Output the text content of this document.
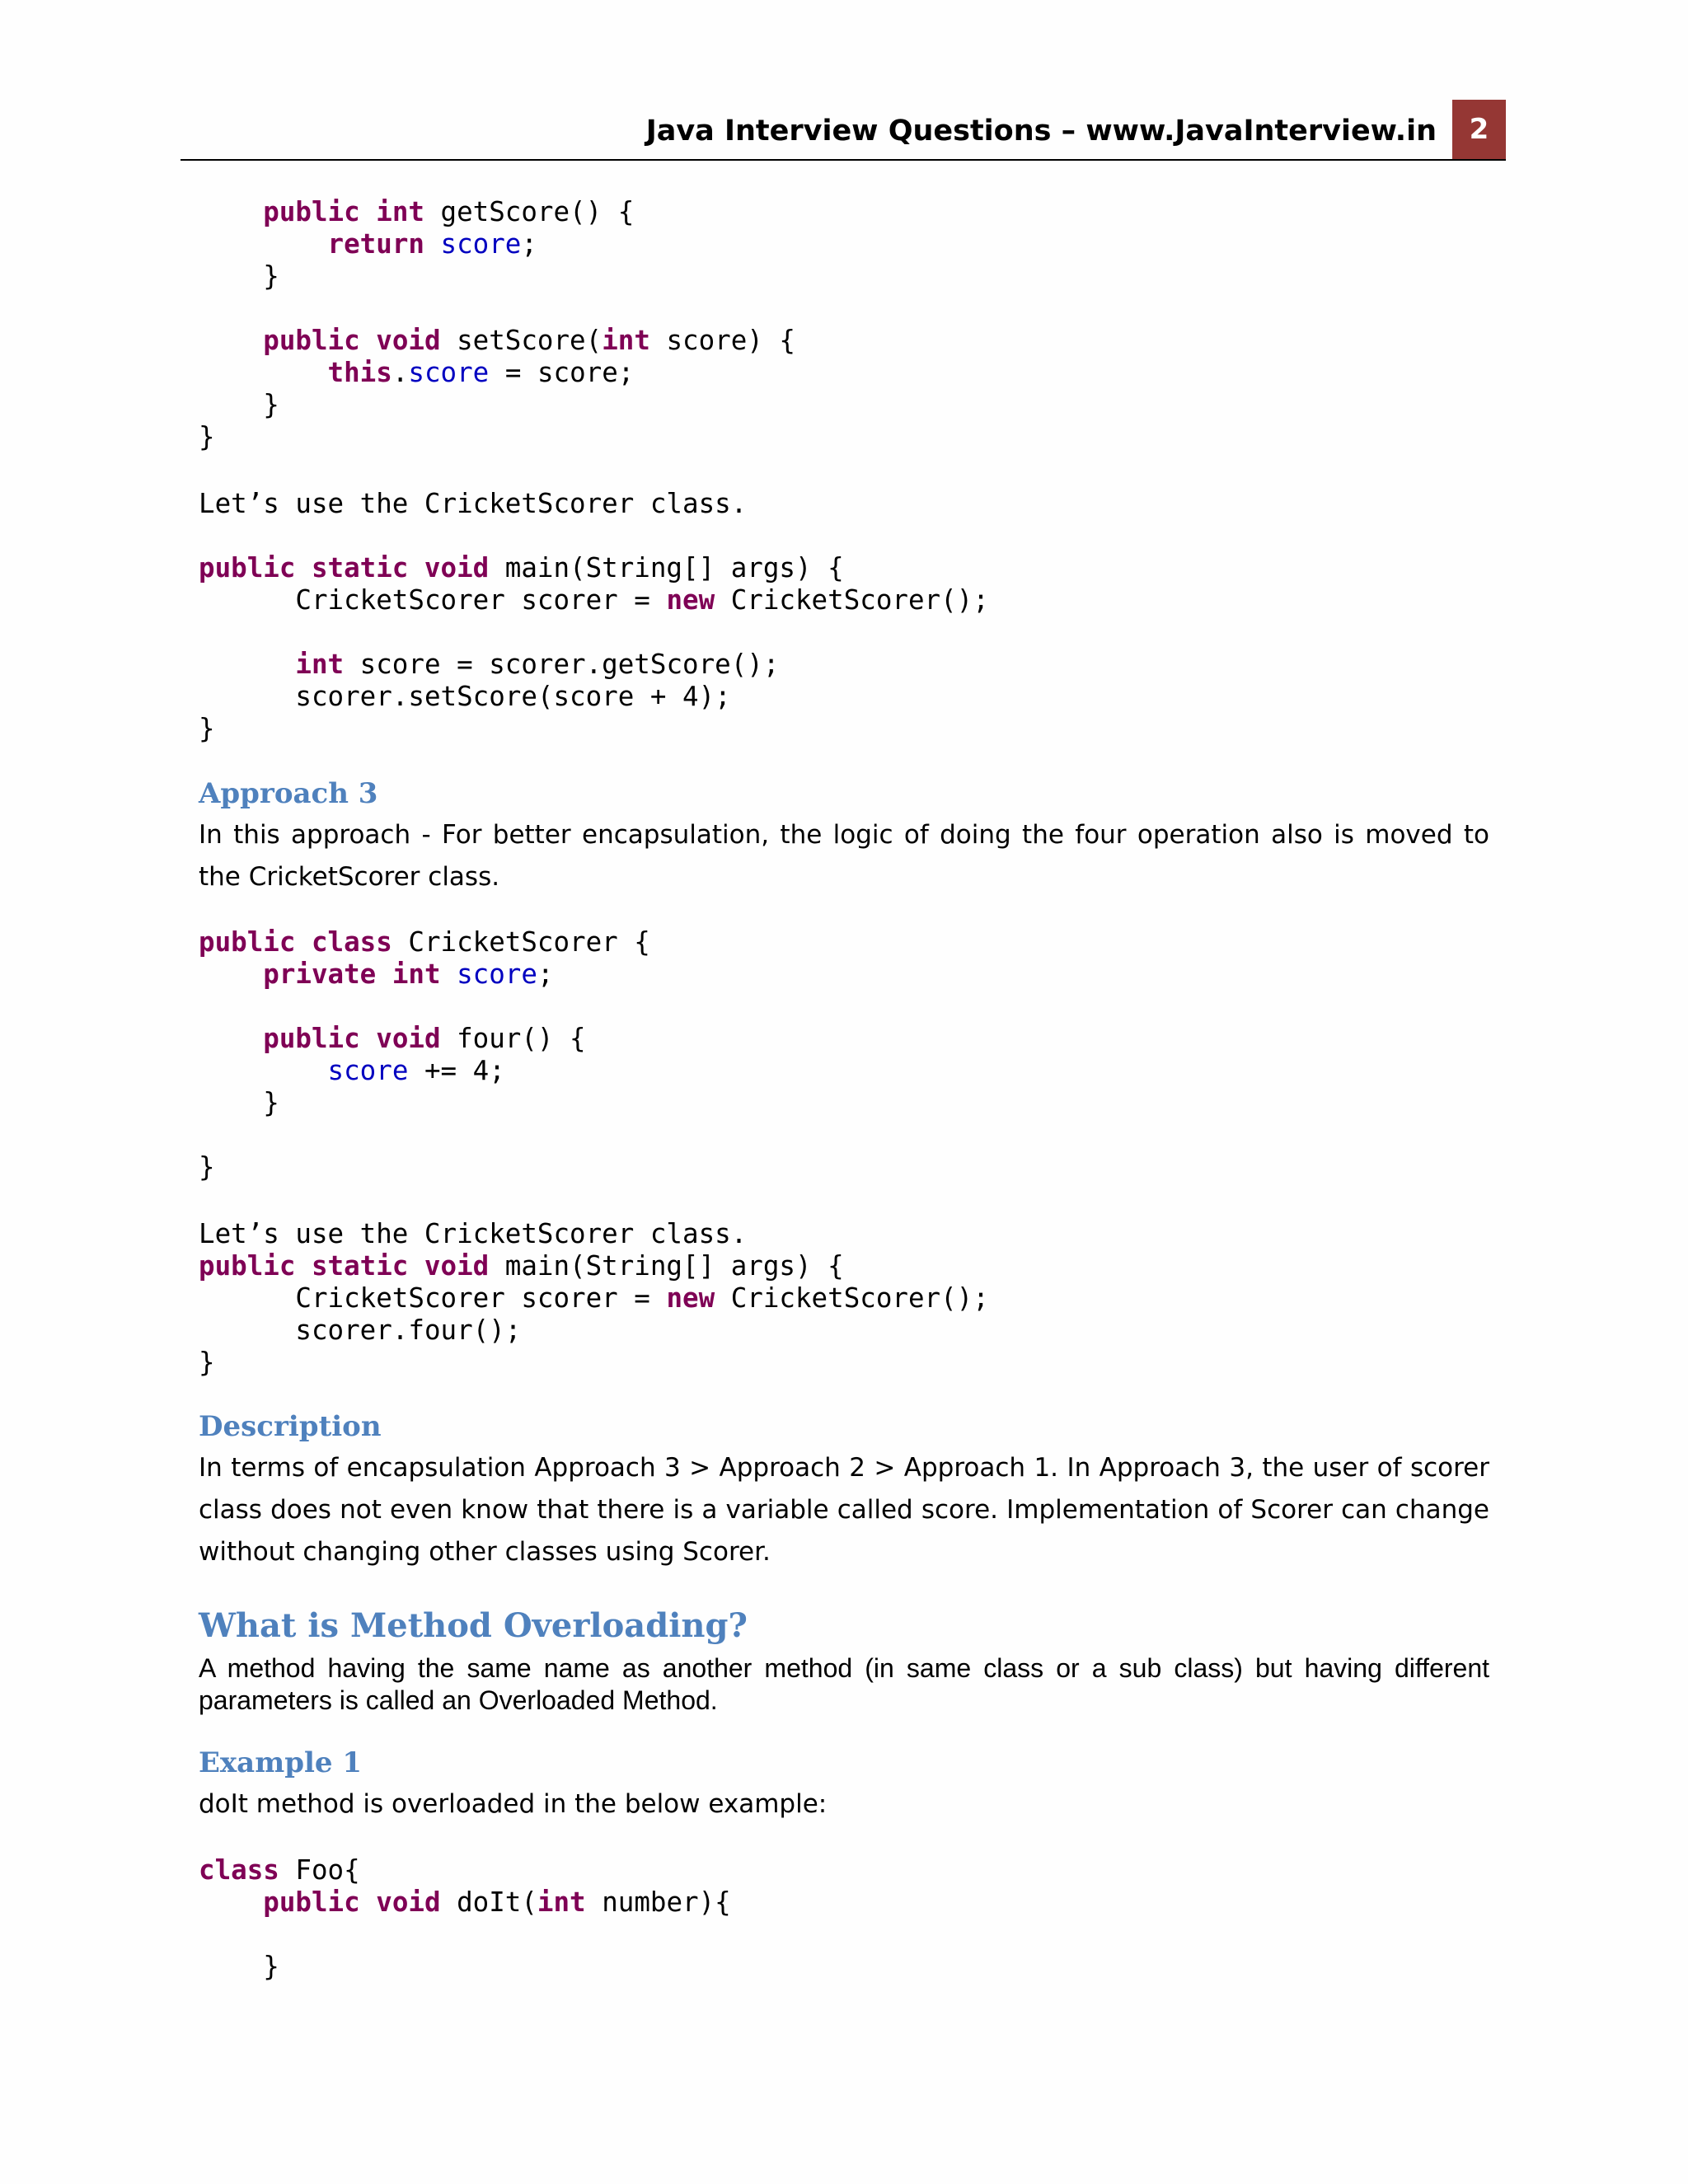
Java Interview Questions – www.JavaInterview.in	2
public int getScore() {
return score;
}

public void setScore(int score) {
this.score = score;
}
}
Let’s use the CricketScorer class.
public static void main(String[] args) {
CricketScorer scorer = new CricketScorer();

int score = scorer.getScore();
scorer.setScore(score + 4);
}
Approach 3
In this approach - For better encapsulation, the logic of doing the four operation also is moved to the CricketScorer class.
public class CricketScorer {
private int score;

public void four() {
score += 4;
}

}
Let’s use the CricketScorer class.
public static void main(String[] args) {
CricketScorer scorer = new CricketScorer();
scorer.four();
}
Description
In terms of encapsulation Approach 3 > Approach 2 > Approach 1. In Approach 3, the user of scorer class does not even know that there is a variable called score. Implementation of Scorer can change without changing other classes using Scorer.
What is Method Overloading?
A method having the same name as another method (in same class or a sub class) but having different parameters is called an Overloaded Method.
Example 1
doIt method is overloaded in the below example:
class Foo{
public void doIt(int number){

}
